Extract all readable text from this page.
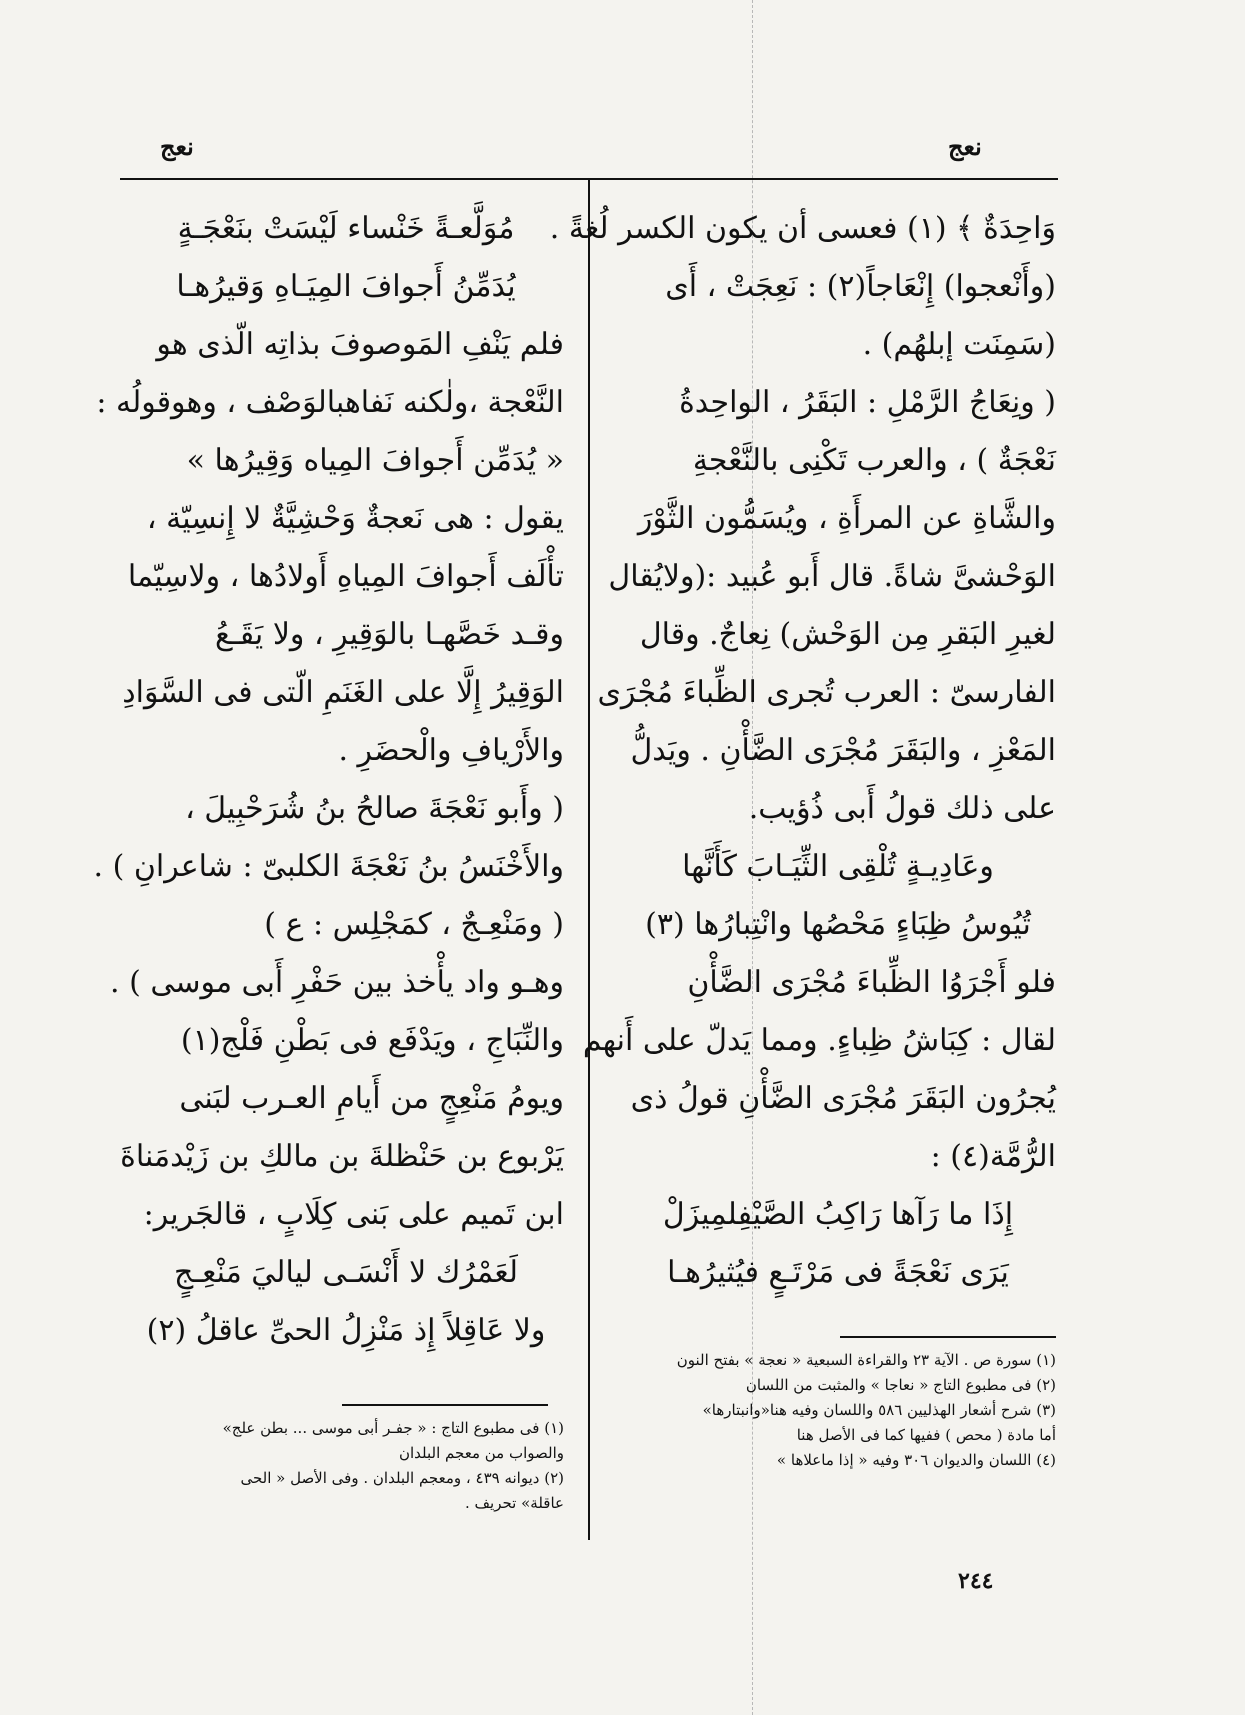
نعج	نعج
وَاحِدَةٌ ﴾ (١) فعسى أن يكون الكسر لُغةً .
(وأَنْعجوا) إِنْعَاجاً(٢) : نَعِجَتْ ، أَى
(سَمِنَت إبلهُم) .
( ونِعَاجُ الرَّمْلِ : البَقَرُ ، الواحِدةُ
نَعْجَةٌ ) ، والعرب تَكْنِى بالنَّعْجةِ
والشَّاةِ عن المرأَةِ ، ويُسَمُّون الثَّوْرَ
الوَحْشىَّ شاةً. قال أَبو عُبيد :(ولايُقال
لغيرِ البَقرِ مِن الوَحْش) نِعاجٌ. وقال
الفارسىّ : العرب تُجرى الظِّباءَ مُجْرَى
المَعْزِ ، والبَقَرَ مُجْرَى الضَّأْنِ . ويَدلُّ
على ذلك قولُ أَبى ذُؤيب.
وعَادِيـةٍ تُلْقِى الثِّيَـابَ كَأَنَّها
تُيُوسُ ظِبَاءٍ مَحْصُها وانْتِبارُها (٣)
فلو أَجْرَوُا الظِّباءَ مُجْرَى الضَّأْنِ
لقال : كِبَاشُ ظِباءٍ. ومما يَدلّ على أَنهم
يُجرُون البَقَرَ مُجْرَى الضَّأْنِ قولُ ذى
الرُّمَّة(٤) :
إِذَا ما رَآها رَاكِبُ الصَّيْفِلمِيزَلْ
يَرَى نَعْجَةً فى مَرْتَـعٍ فيُثيرُهـا
مُوَلَّعـةً خَنْساء لَيْسَتْ بنَعْجَـةٍ
يُدَمِّنُ أَجوافَ المِيَـاهِ وَقيرُهـا
فلم يَنْفِ المَوصوفَ بذاتِه الّذى هو
النَّعْجة ،ولٰكنه نَفاهبالوَصْف ، وهوقولُه :
« يُدَمِّن أَجوافَ المِياه وَقِيرُها »
يقول : هى نَعجةٌ وَحْشِيَّةٌ لا إِنسِيّة ،
تأْلَف أَجوافَ المِياهِ أَولادُها ، ولاسِيّما
وقـد خَصَّهـا بالوَقِيرِ ، ولا يَقَـعُ
الوَقِيرُ إِلَّا على الغَنَمِ الّتى فى السَّوَادِ
والأَرْيافِ والْحضَرِ .
( وأَبو نَعْجَةَ صالحُ بنُ شُرَحْبِيلَ ،
والأَخْنَسُ بنُ نَعْجَةَ الكلبىّ : شاعرانِ ) .
( ومَنْعِـجٌ ، كمَجْلِس : ع )
وهـو واد يأْخذ بين حَفْرِ أَبى موسى ) .
والنِّبَاجِ ، ويَدْفَع فى بَطْنِ فَلْج(١)
ويومُ مَنْعِجٍ من أَيامِ العـرب لبَنى
يَرْبوع بن حَنْظلةَ بن مالكِ بن زَيْدمَناةَ
ابن تَميم على بَنى كِلَابٍ ، قالجَرير:
لَعَمْرُك لا أَنْسَـى لياليَ مَنْعِـجٍ
ولا عَاقِلاً إِذ مَنْزِلُ الحىِّ عاقلُ (٢)
(١) سورة ص . الآية ٢٣ والقراءة السبعية « نعجة » بفتح النون
(٢) فى مطبوع التاج « نعاجا » والمثبت من اللسان
(٣) شرح أشعار الهذليين ٥٨٦ واللسان وفيه هنا«وانبتارها»
أما مادة ( محص ) ففيها كما فى الأصل هنا
(٤) اللسان والديوان ٣٠٦ وفيه « إذا ماعلاها »
(١) فى مطبوع التاج : « جفـر أبى موسى ... بطن علج»
والصواب من معجم البلدان
(٢) ديوانه ٤٣٩ ، ومعجم البلدان . وفى الأصل « الحى
عاقلة» تحريف .
٢٤٤
